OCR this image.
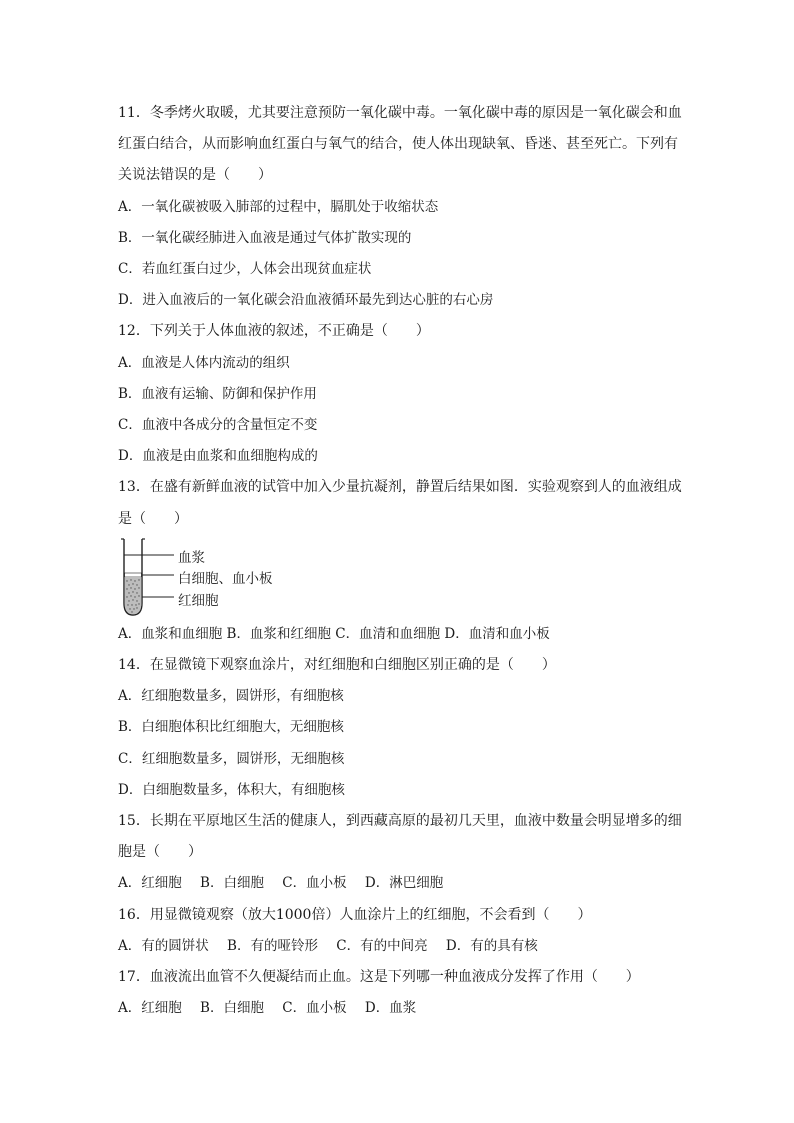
11．冬季烤火取暖，尤其要注意预防一氧化碳中毒。一氧化碳中毒的原因是一氧化碳会和血
红蛋白结合，从而影响血红蛋白与氧气的结合，使人体出现缺氧、昏迷、甚至死亡。下列有
关说法错误的是（　　）
A．一氧化碳被吸入肺部的过程中，膈肌处于收缩状态
B．一氧化碳经肺进入血液是通过气体扩散实现的
C．若血红蛋白过少，人体会出现贫血症状
D．进入血液后的一氧化碳会沿血液循环最先到达心脏的右心房
12．下列关于人体血液的叙述，不正确是（　　）
A．血液是人体内流动的组织
B．血液有运输、防御和保护作用
C．血液中各成分的含量恒定不变
D．血液是由血浆和血细胞构成的
13．在盛有新鲜血液的试管中加入少量抗凝剂，静置后结果如图．实验观察到人的血液组成
是（　　）
血浆
白细胞、血小板
红细胞
A．血浆和血细胞 B．血浆和红细胞 C．血清和血细胞 D．血清和血小板
14．在显微镜下观察血涂片，对红细胞和白细胞区别正确的是（　　）
A．红细胞数量多，圆饼形，有细胞核
B．白细胞体积比红细胞大，无细胞核
C．红细胞数量多，圆饼形，无细胞核
D．白细胞数量多，体积大，有细胞核
15．长期在平原地区生活的健康人，到西藏高原的最初几天里，血液中数量会明显增多的细
胞是（　　）
A．红细胞 B．白细胞 C．血小板 D．淋巴细胞
16．用显微镜观察（放大1000倍）人血涂片上的红细胞，不会看到（　　）
A．有的圆饼状 B．有的哑铃形 C．有的中间亮 D．有的具有核
17．血液流出血管不久便凝结而止血。这是下列哪一种血液成分发挥了作用（　　）
A．红细胞 B．白细胞 C．血小板 D．血浆
